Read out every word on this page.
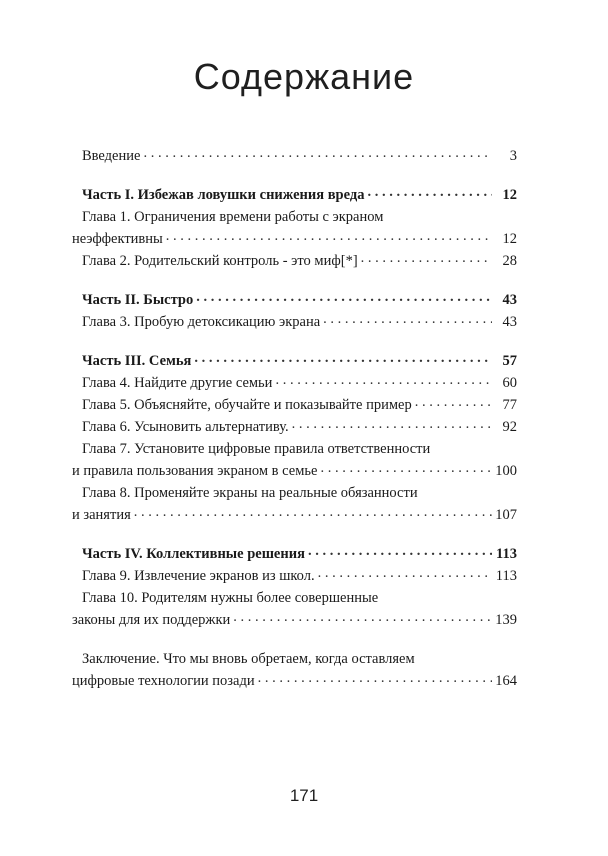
Содержание
Введение . . .	3
Часть I. Избежав ловушки снижения вреда . . .	12
Глава 1. Ограничения времени работы с экраном
неэффективны . . .	12
Глава 2. Родительский контроль - это миф[*] . . .	28
Часть II. Быстро . . .	43
Глава 3. Пробую детоксикацию экрана . . .	43
Часть III. Семья . . .	57
Глава 4. Найдите другие семьи . . .	60
Глава 5. Объясняйте, обучайте и показывайте пример . . .	77
Глава 6. Усыновить альтернативу. . . .	92
Глава 7. Установите цифровые правила ответственности
и правила пользования экраном в семье . . .	100
Глава 8. Променяйте экраны на реальные обязанности
и занятия . . .	107
Часть IV. Коллективные решения . . .	113
Глава 9. Извлечение экранов из школ. . . .	113
Глава 10. Родителям нужны более совершенные
законы для их поддержки . . .	139
Заключение. Что мы вновь обретаем, когда оставляем
цифровые технологии позади . . .	164
171
